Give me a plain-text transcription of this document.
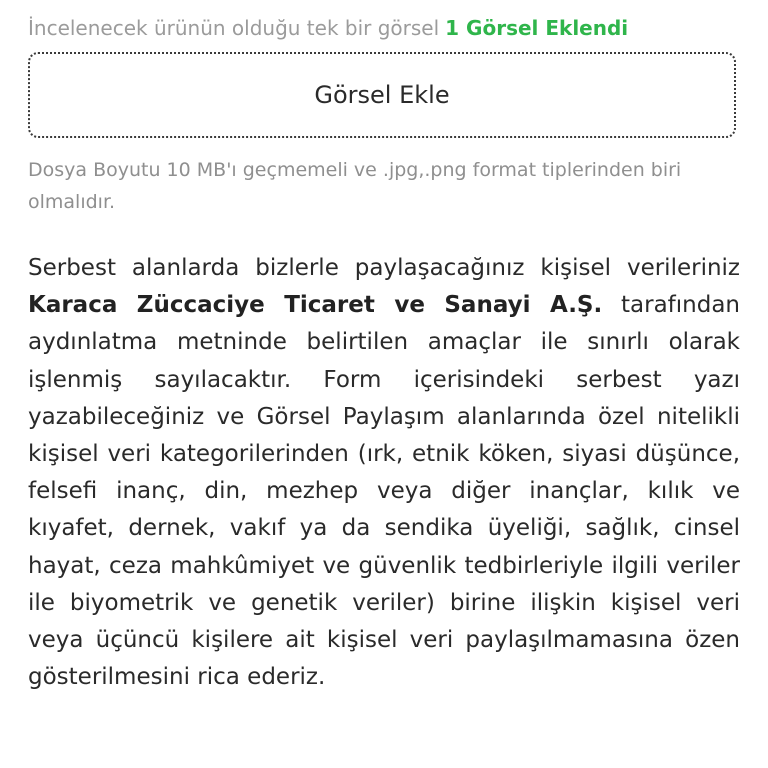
İncelenecek ürünün olduğu tek bir görsel 1 Görsel Eklendi
Görsel Ekle
Dosya Boyutu 10 MB'ı geçmemeli ve .jpg,.png format tiplerinden biri olmalıdır.
Serbest alanlarda bizlerle paylaşacağınız kişisel verileriniz Karaca Züccaciye Ticaret ve Sanayi A.Ş. tarafından aydınlatma metninde belirtilen amaçlar ile sınırlı olarak işlenmiş sayılacaktır. Form içerisindeki serbest yazı yazabileceğiniz ve Görsel Paylaşım alanlarında özel nitelikli kişisel veri kategorilerinden (ırk, etnik köken, siyasi düşünce, felsefi inanç, din, mezhep veya diğer inançlar, kılık ve kıyafet, dernek, vakıf ya da sendika üyeliği, sağlık, cinsel hayat, ceza mahkûmiyet ve güvenlik tedbirleriyle ilgili veriler ile biyometrik ve genetik veriler) birine ilişkin kişisel veri veya üçüncü kişilere ait kişisel veri paylaşılmamasına özen gösterilmesini rica ederiz.
